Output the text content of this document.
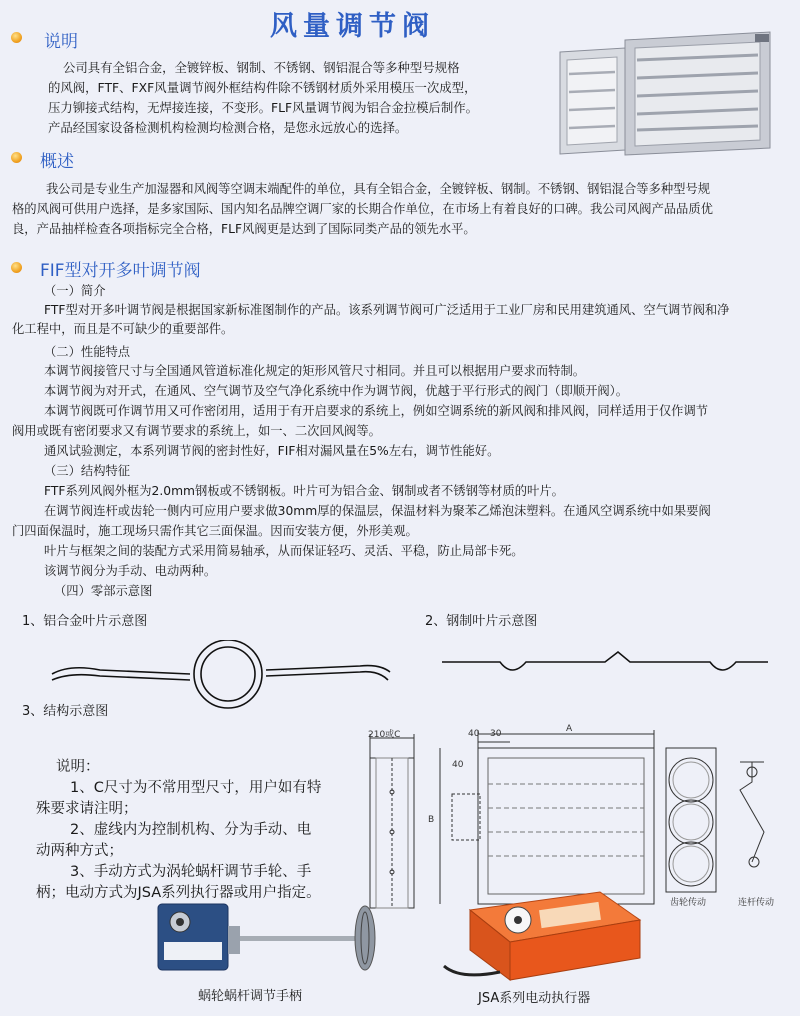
风量调节阀
说明
公司具有全铝合金，全镀锌板、钢制、不锈钢、钢铝混合等多种型号规格
的风阀，FTF、FXF风量调节阀外框结构件除不锈钢材质外采用模压一次成型，
压力铆接式结构，无焊接连接，不变形。FLF风量调节阀为铝合金拉模后制作。
产品经国家设备检测机构检测均检测合格，是您永远放心的选择。
概述
我公司是专业生产加湿器和风阀等空调末端配件的单位，具有全铝合金，全镀锌板、钢制。不锈钢、钢铝混合等多种型号规
格的风阀可供用户选择，是多家国际、国内知名品牌空调厂家的长期合作单位，在市场上有着良好的口碑。我公司风阀产品品质优
良，产品抽样检查各项指标完全合格，FLF风阀更是达到了国际同类产品的领先水平。
FIF型对开多叶调节阀
（一）简介
FTF型对开多叶调节阀是根据国家新标准图制作的产品。该系列调节阀可广泛适用于工业厂房和民用建筑通风、空气调节阀和净
化工程中，而且是不可缺少的重要部件。
（二）性能特点
本调节阀接管尺寸与全国通风管道标准化规定的矩形风管尺寸相同。并且可以根据用户要求而特制。
本调节阀为对开式，在通风、空气调节及空气净化系统中作为调节阀，优越于平行形式的阀门（即顺开阀）。
本调节阀既可作调节用又可作密闭用，适用于有开启要求的系统上，例如空调系统的新风阀和排风阀，同样适用于仅作调节
阀用或既有密闭要求又有调节要求的系统上，如一、二次回风阀等。
通风试验测定，本系列调节阀的密封性好，FIF相对漏风量在5%左右，调节性能好。
（三）结构特征
FTF系列风阀外框为2.0mm钢板或不锈钢板。叶片可为铝合金、钢制或者不锈钢等材质的叶片。
在调节阀连杆或齿轮一侧内可应用户要求做30mm厚的保温层，保温材料为聚苯乙烯泡沫塑料。在通风空调系统中如果要阀
门四面保温时，施工现场只需作其它三面保温。因而安装方便，外形美观。
叶片与框架之间的装配方式采用简易轴承，从而保证轻巧、灵活、平稳，防止局部卡死。
该调节阀分为手动、电动两种。
（四）零部示意图
1、铝合金叶片示意图	2、钢制叶片示意图
3、结构示意图
说明：
1、C尺寸为不常用型尺寸，用户如有特
殊要求请注明；
2、虚线内为控制机构、分为手动、电
动两种方式；
3、手动方式为涡轮蜗杆调节手轮、手
柄；电动方式为JSA系列执行器或用户指定。
210或C	40 30	A
B
40
齿轮传动	连杆传动
蜗轮蜗杆调节手柄	JSA系列电动执行器
